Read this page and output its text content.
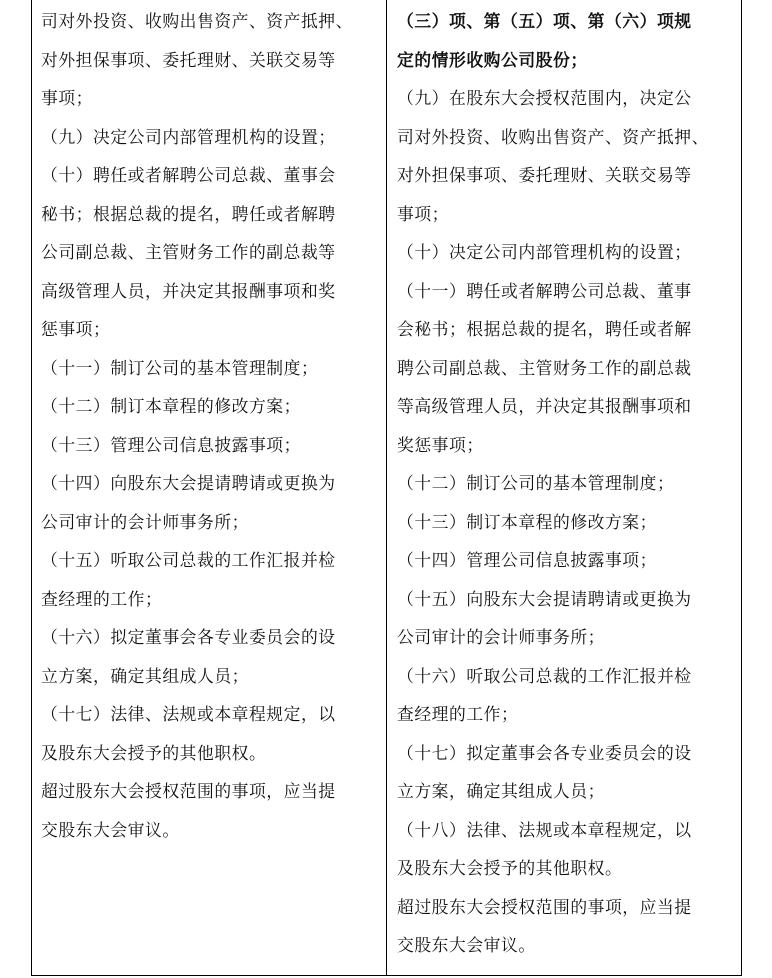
司对外投资、收购出售资产、资产抵押、
对外担保事项、委托理财、关联交易等
事项；
（九）决定公司内部管理机构的设置；
（十）聘任或者解聘公司总裁、董事会
秘书；根据总裁的提名，聘任或者解聘
公司副总裁、主管财务工作的副总裁等
高级管理人员，并决定其报酬事项和奖
惩事项；
（十一）制订公司的基本管理制度；
（十二）制订本章程的修改方案；
（十三）管理公司信息披露事项；
（十四）向股东大会提请聘请或更换为
公司审计的会计师事务所；
（十五）听取公司总裁的工作汇报并检
查经理的工作；
（十六）拟定董事会各专业委员会的设
立方案，确定其组成人员；
（十七）法律、法规或本章程规定，以
及股东大会授予的其他职权。
超过股东大会授权范围的事项，应当提
交股东大会审议。
（三）项、第（五）项、第（六）项规
定的情形收购公司股份；
（九）在股东大会授权范围内，决定公
司对外投资、收购出售资产、资产抵押、
对外担保事项、委托理财、关联交易等
事项；
（十）决定公司内部管理机构的设置；
（十一）聘任或者解聘公司总裁、董事
会秘书；根据总裁的提名，聘任或者解
聘公司副总裁、主管财务工作的副总裁
等高级管理人员，并决定其报酬事项和
奖惩事项；
（十二）制订公司的基本管理制度；
（十三）制订本章程的修改方案；
（十四）管理公司信息披露事项；
（十五）向股东大会提请聘请或更换为
公司审计的会计师事务所；
（十六）听取公司总裁的工作汇报并检
查经理的工作；
（十七）拟定董事会各专业委员会的设
立方案，确定其组成人员；
（十八）法律、法规或本章程规定，以
及股东大会授予的其他职权。
超过股东大会授权范围的事项，应当提
交股东大会审议。
